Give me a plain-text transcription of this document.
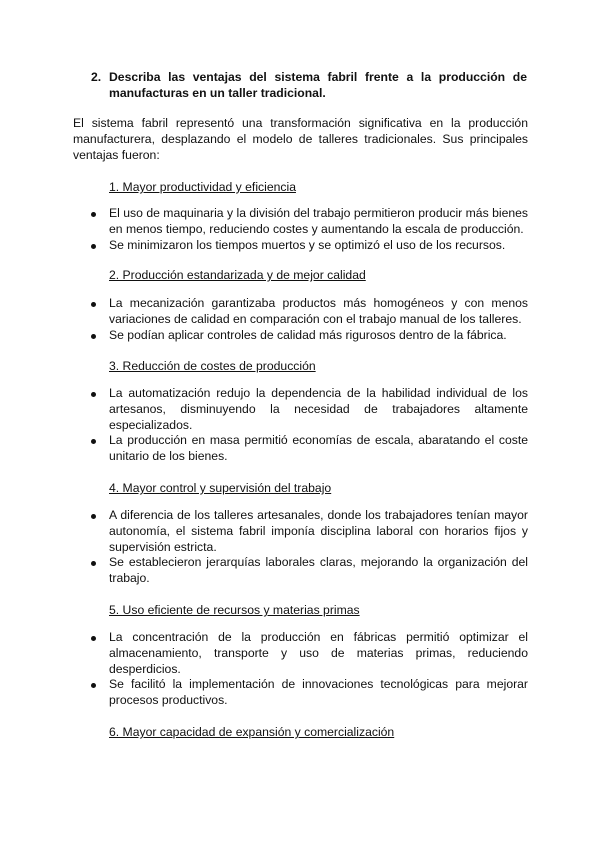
2. Describa las ventajas del sistema fabril frente a la producción de manufacturas en un taller tradicional.
El sistema fabril representó una transformación significativa en la producción manufacturera, desplazando el modelo de talleres tradicionales. Sus principales ventajas fueron:
1. Mayor productividad y eficiencia
El uso de maquinaria y la división del trabajo permitieron producir más bienes en menos tiempo, reduciendo costes y aumentando la escala de producción.
Se minimizaron los tiempos muertos y se optimizó el uso de los recursos.
2. Producción estandarizada y de mejor calidad
La mecanización garantizaba productos más homogéneos y con menos variaciones de calidad en comparación con el trabajo manual de los talleres.
Se podían aplicar controles de calidad más rigurosos dentro de la fábrica.
3. Reducción de costes de producción
La automatización redujo la dependencia de la habilidad individual de los artesanos, disminuyendo la necesidad de trabajadores altamente especializados.
La producción en masa permitió economías de escala, abaratando el coste unitario de los bienes.
4. Mayor control y supervisión del trabajo
A diferencia de los talleres artesanales, donde los trabajadores tenían mayor autonomía, el sistema fabril imponía disciplina laboral con horarios fijos y supervisión estricta.
Se establecieron jerarquías laborales claras, mejorando la organización del trabajo.
5. Uso eficiente de recursos y materias primas
La concentración de la producción en fábricas permitió optimizar el almacenamiento, transporte y uso de materias primas, reduciendo desperdicios.
Se facilitó la implementación de innovaciones tecnológicas para mejorar procesos productivos.
6. Mayor capacidad de expansión y comercialización
